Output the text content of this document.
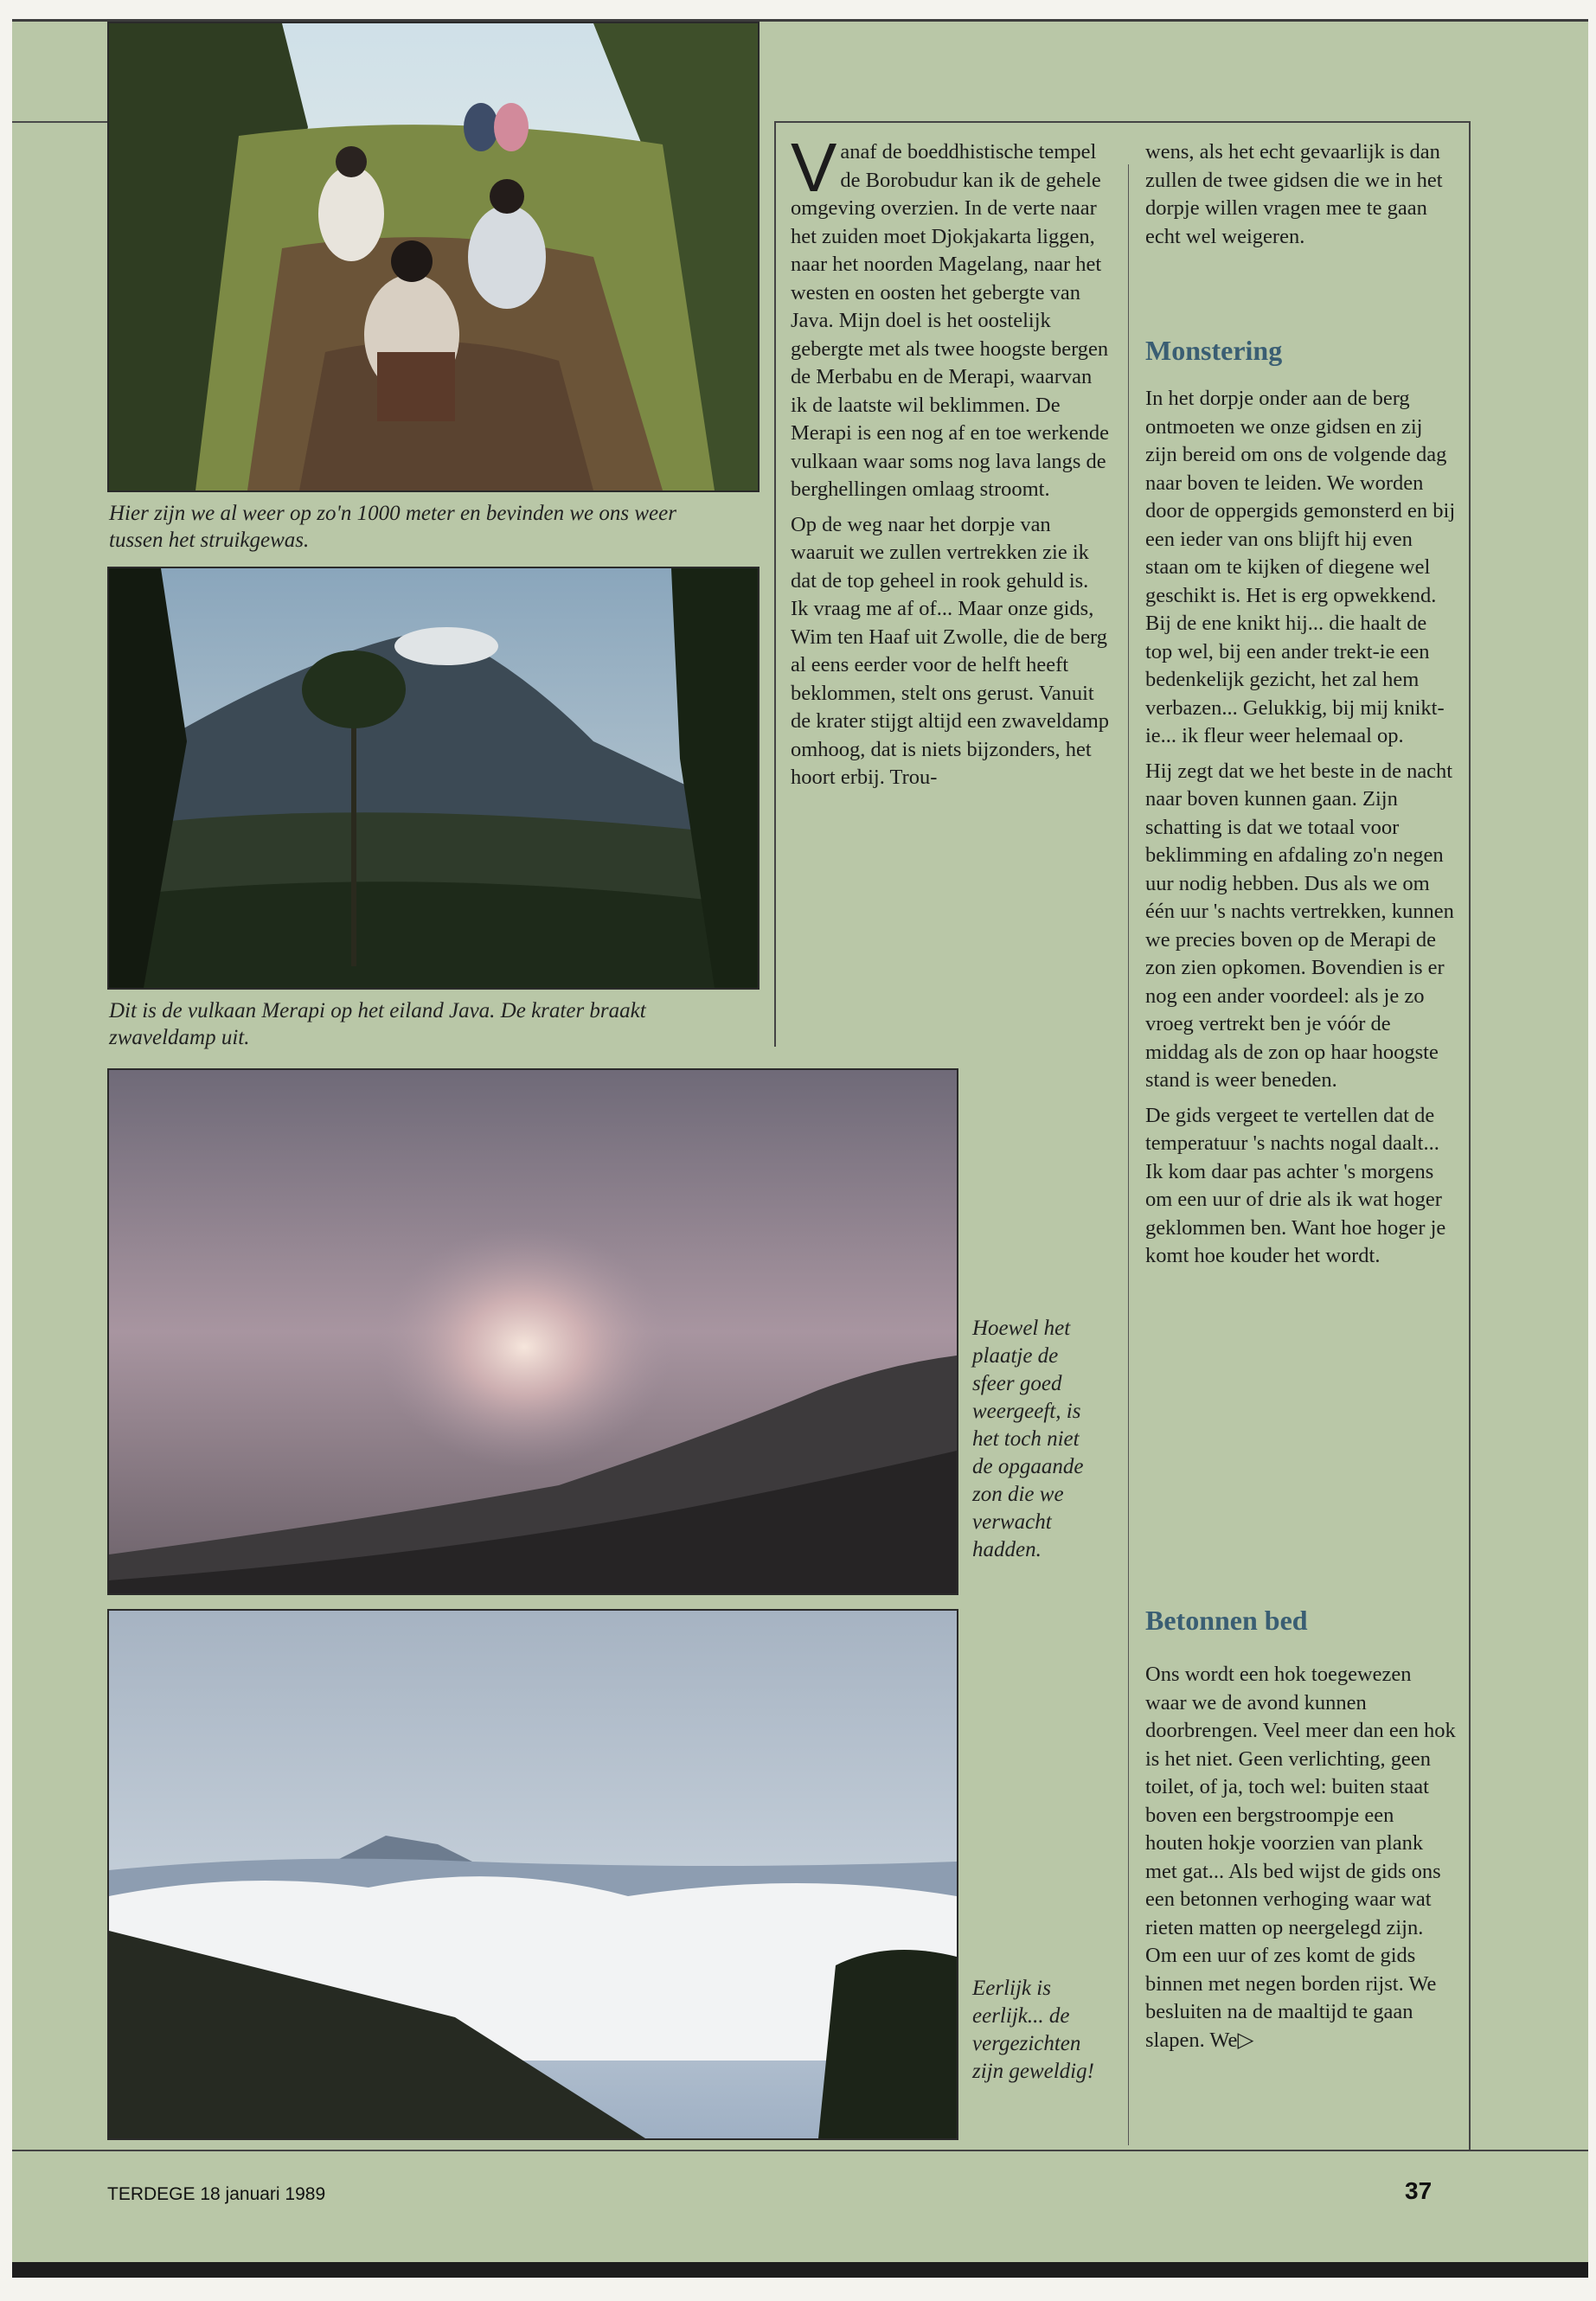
Hier zijn we al weer op zo'n 1000 meter en bevinden we ons weer tussen het struikgewas.
Dit is de vulkaan Merapi op het eiland Java. De krater braakt zwaveldamp uit.
Hoewel het plaatje de sfeer goed weergeeft, is het toch niet de opgaande zon die we verwacht hadden.
Eerlijk is eerlijk... de vergezichten zijn geweldig!

Vanaf de boeddhistische tempel de Borobudur kan ik de gehele omgeving overzien. In de verte naar het zuiden moet Djokjakarta liggen, naar het noorden Magelang, naar het westen en oosten het gebergte van Java. Mijn doel is het oostelijk gebergte met als twee hoogste bergen de Merbabu en de Merapi, waarvan ik de laatste wil beklimmen. De Merapi is een nog af en toe werkende vulkaan waar soms nog lava langs de berghellingen omlaag stroomt.

Op de weg naar het dorpje van waaruit we zullen vertrekken zie ik dat de top geheel in rook gehuld is. Ik vraag me af of... Maar onze gids, Wim ten Haaf uit Zwolle, die de berg al eens eerder voor de helft heeft beklommen, stelt ons gerust. Vanuit de krater stijgt altijd een zwaveldamp omhoog, dat is niets bijzonders, het hoort erbij. Trou-

wens, als het echt gevaarlijk is dan zullen de twee gidsen die we in het dorpje willen vragen mee te gaan echt wel weigeren.

Monstering

In het dorpje onder aan de berg ontmoeten we onze gidsen en zij zijn bereid om ons de volgende dag naar boven te leiden. We worden door de oppergids gemonsterd en bij een ieder van ons blijft hij even staan om te kijken of diegene wel geschikt is. Het is erg opwekkend. Bij de ene knikt hij... die haalt de top wel, bij een ander trekt-ie een bedenkelijk gezicht, het zal hem verbazen... Gelukkig, bij mij knikt-ie... ik fleur weer helemaal op.

Hij zegt dat we het beste in de nacht naar boven kunnen gaan. Zijn schatting is dat we totaal voor beklimming en afdaling zo'n negen uur nodig hebben. Dus als we om één uur 's nachts vertrekken, kunnen we precies boven op de Merapi de zon zien opkomen. Bovendien is er nog een ander voordeel: als je zo vroeg vertrekt ben je vóór de middag als de zon op haar hoogste stand is weer beneden.

De gids vergeet te vertellen dat de temperatuur 's nachts nogal daalt... Ik kom daar pas achter 's morgens om een uur of drie als ik wat hoger geklommen ben. Want hoe hoger je komt hoe kouder het wordt.

Betonnen bed

Ons wordt een hok toegewezen waar we de avond kunnen doorbrengen. Veel meer dan een hok is het niet. Geen verlichting, geen toilet, of ja, toch wel: buiten staat boven een bergstroompje een houten hokje voorzien van plank met gat... Als bed wijst de gids ons een betonnen verhoging waar wat rieten matten op neergelegd zijn. Om een uur of zes komt de gids binnen met negen borden rijst. We besluiten na de maaltijd te gaan slapen. We▷

TERDEGE 18 januari 1989	37
